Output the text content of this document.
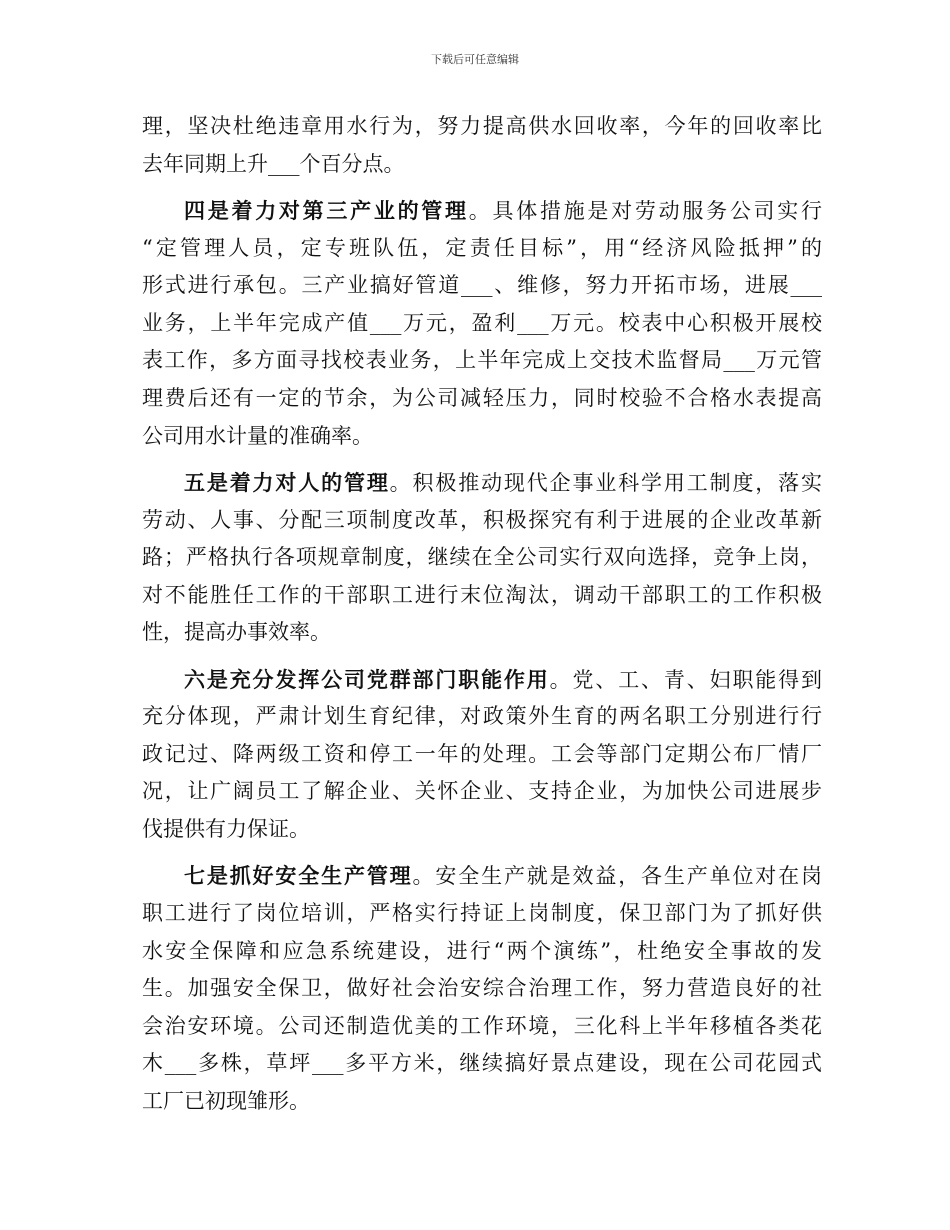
下载后可任意编辑
理，坚决杜绝违章用水行为，努力提高供水回收率，今年的回收率比
去年同期上升___个百分点。
四是着力对第三产业的管理。具体措施是对劳动服务公司实行
“定管理人员，定专班队伍，定责任目标”，用“经济风险抵押”的
形式进行承包。三产业搞好管道___、维修，努力开拓市场，进展___
业务，上半年完成产值___万元，盈利___万元。校表中心积极开展校
表工作，多方面寻找校表业务，上半年完成上交技术监督局___万元管
理费后还有一定的节余，为公司减轻压力，同时校验不合格水表提高
公司用水计量的准确率。
五是着力对人的管理。积极推动现代企事业科学用工制度，落实
劳动、人事、分配三项制度改革，积极探究有利于进展的企业改革新
路；严格执行各项规章制度，继续在全公司实行双向选择，竞争上岗，
对不能胜任工作的干部职工进行末位淘汰，调动干部职工的工作积极
性，提高办事效率。
六是充分发挥公司党群部门职能作用。党、工、青、妇职能得到
充分体现，严肃计划生育纪律，对政策外生育的两名职工分别进行行
政记过、降两级工资和停工一年的处理。工会等部门定期公布厂情厂
况，让广阔员工了解企业、关怀企业、支持企业，为加快公司进展步
伐提供有力保证。
七是抓好安全生产管理。安全生产就是效益，各生产单位对在岗
职工进行了岗位培训，严格实行持证上岗制度，保卫部门为了抓好供
水安全保障和应急系统建设，进行“两个演练”，杜绝安全事故的发
生。加强安全保卫，做好社会治安综合治理工作，努力营造良好的社
会治安环境。公司还制造优美的工作环境，三化科上半年移植各类花
木___多株，草坪___多平方米，继续搞好景点建设，现在公司花园式
工厂已初现雏形。
